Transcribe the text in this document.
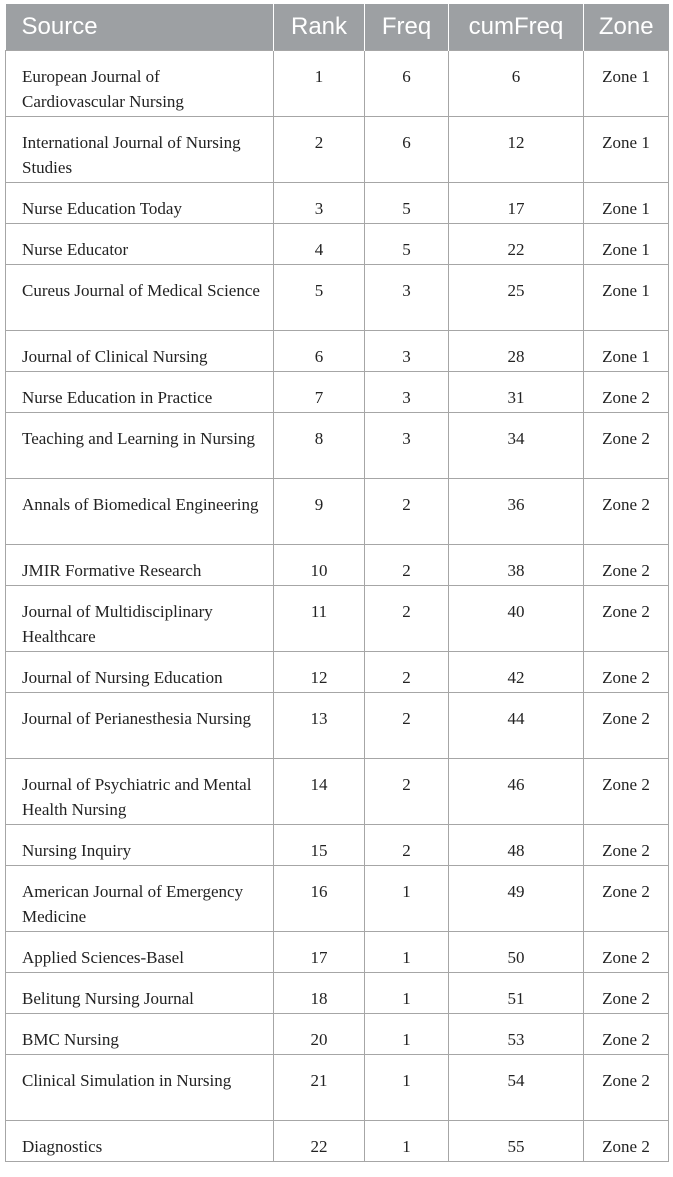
Source	Rank	Freq	cumFreq	Zone
European Journal of Cardiovascular Nursing	1	6	6	Zone 1
International Journal of Nursing Studies	2	6	12	Zone 1
Nurse Education Today	3	5	17	Zone 1
Nurse Educator	4	5	22	Zone 1
Cureus Journal of Medical Science	5	3	25	Zone 1
Journal of Clinical Nursing	6	3	28	Zone 1
Nurse Education in Practice	7	3	31	Zone 2
Teaching and Learning in Nursing	8	3	34	Zone 2
Annals of Biomedical Engineering	9	2	36	Zone 2
JMIR Formative Research	10	2	38	Zone 2
Journal of Multidisciplinary Healthcare	11	2	40	Zone 2
Journal of Nursing Education	12	2	42	Zone 2
Journal of Perianesthesia Nursing	13	2	44	Zone 2
Journal of Psychiatric and Mental Health Nursing	14	2	46	Zone 2
Nursing Inquiry	15	2	48	Zone 2
American Journal of Emergency Medicine	16	1	49	Zone 2
Applied Sciences-Basel	17	1	50	Zone 2
Belitung Nursing Journal	18	1	51	Zone 2
BMC Nursing	20	1	53	Zone 2
Clinical Simulation in Nursing	21	1	54	Zone 2
Diagnostics	22	1	55	Zone 2
